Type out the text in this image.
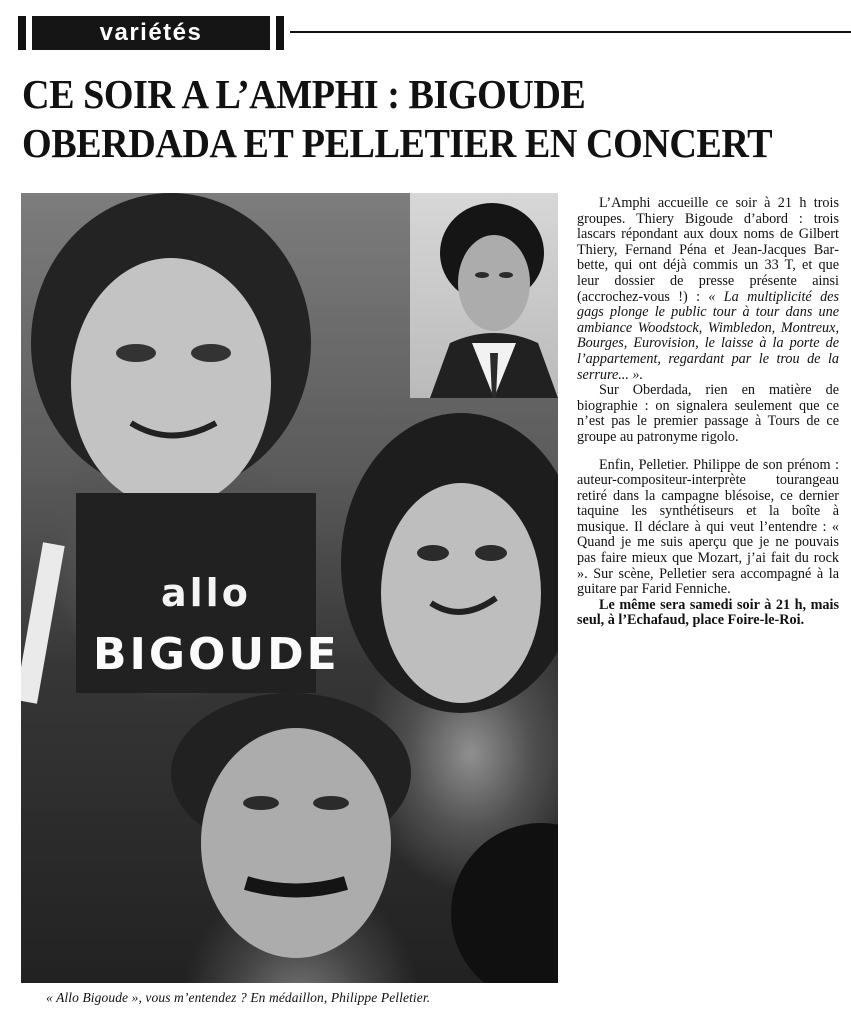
variétés
CE SOIR A L’AMPHI : BIGOUDE
OBERDADA ET PELLETIER EN CONCERT
allo
BIGOUDE
« Allo Bigoude », vous m’entendez ? En médaillon, Philippe Pelletier.

L’Amphi accueille ce soir à 21 h trois groupes. Thiery Bigoude d’abord : trois lascars répondant aux doux noms de Gilbert Thiery, Fernand Péna et Jean-Jacques Barbette, qui ont déjà commis un 33 T, et que leur dossier de presse présente ainsi (accrochez-vous !) : « La multiplicité des gags plonge le public tour à tour dans une ambiance Woodstock, Wimbledon, Montreux, Bourges, Eurovision, le laisse à la porte de l’appartement, regardant par le trou de la serrure... ».

Sur Oberdada, rien en matière de biographie : on signalera seulement que ce n’est pas le premier passage à Tours de ce groupe au patronyme rigolo.

Enfin, Pelletier. Philippe de son prénom : auteur-compositeur-interprète tourangeau retiré dans la campagne blésoise, ce dernier taquine les synthétiseurs et la boîte à musique. Il déclare à qui veut l’entendre : « Quand je me suis aperçu que je ne pouvais pas faire mieux que Mozart, j’ai fait du rock ». Sur scène, Pelletier sera accompagné à la guitare par Farid Fenniche.

Le même sera samedi soir à 21 h, mais seul, à l’Echafaud, place Foire-le-Roi.
